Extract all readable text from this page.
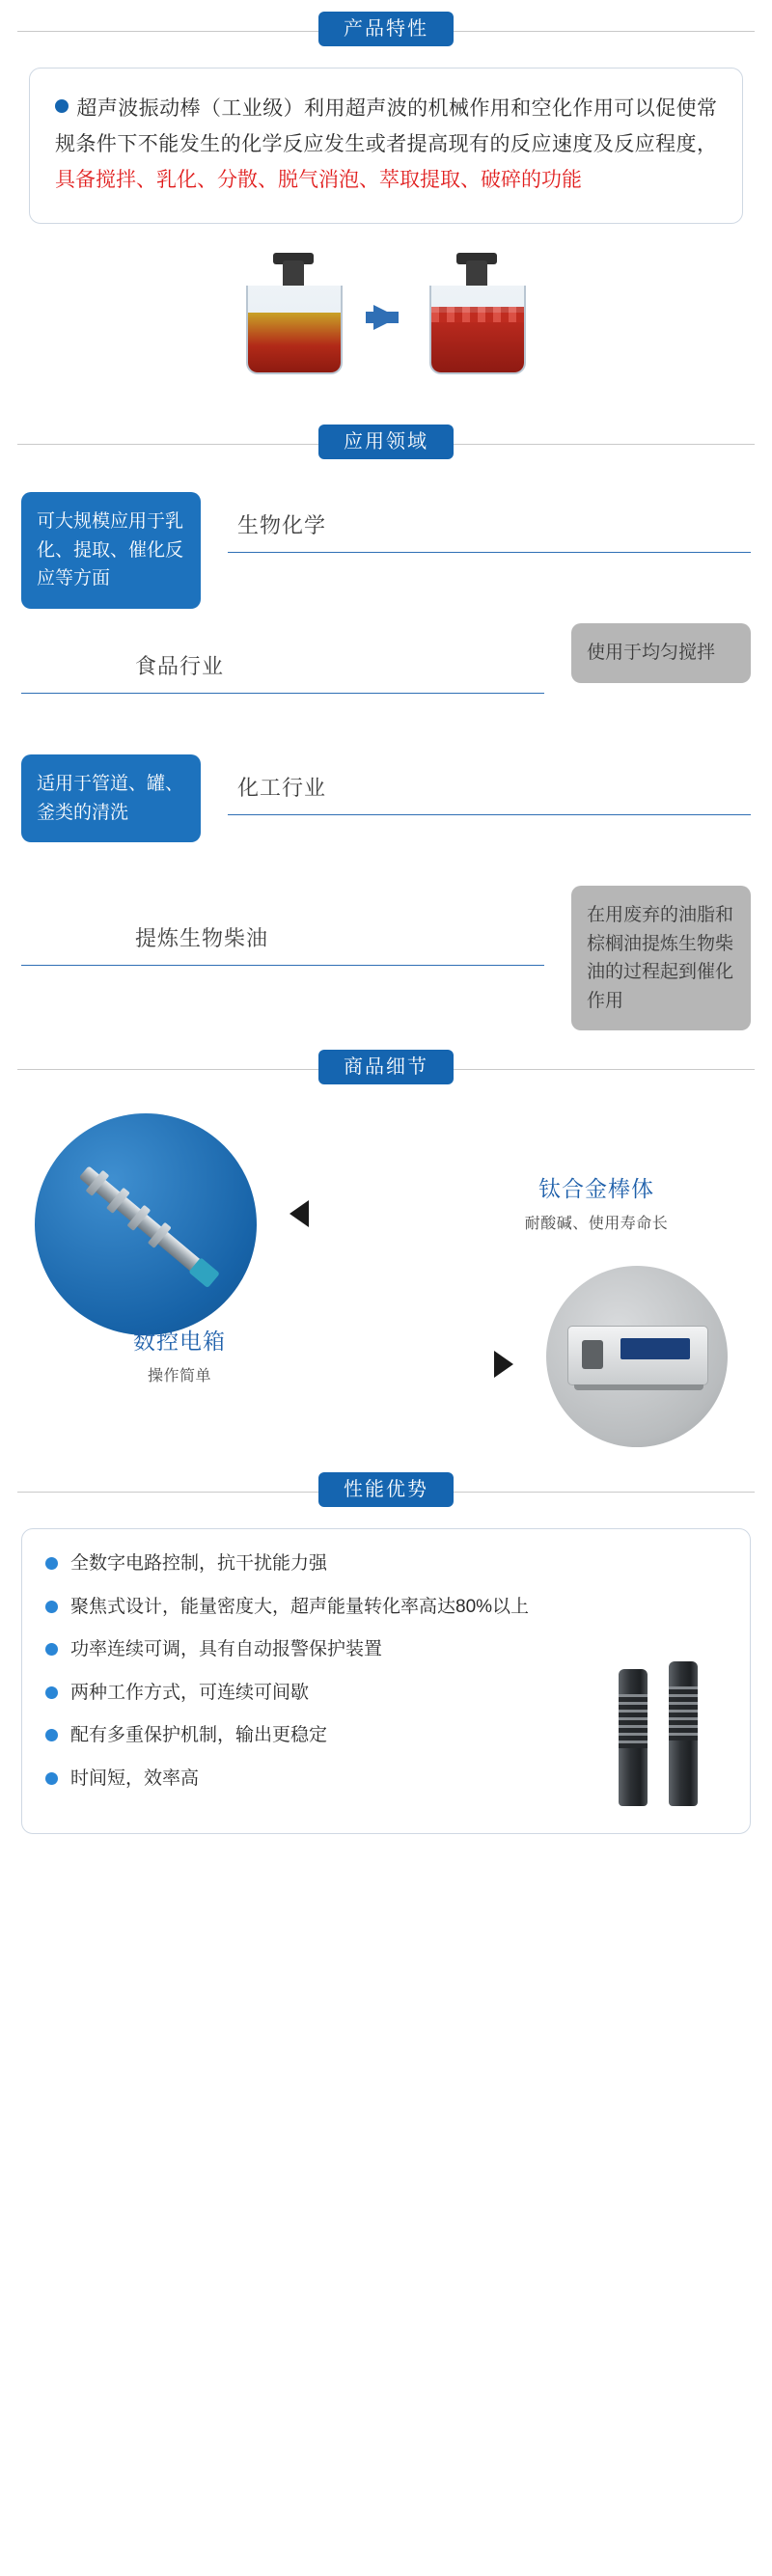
产品特性
超声波振动棒（工业级）利用超声波的机械作用和空化作用可以促使常规条件下不能发生的化学反应发生或者提高现有的反应速度及反应程度，具备搅拌、乳化、分散、脱气消泡、萃取提取、破碎的功能
应用领域
可大规模应用于乳化、提取、催化反应等方面
生物化学
使用于均匀搅拌
食品行业
适用于管道、罐、釜类的清洗
化工行业
在用废弃的油脂和棕榈油提炼生物柴油的过程起到催化作用
提炼生物柴油
商品细节
钛合金棒体
耐酸碱、使用寿命长
数控电箱
操作简单
性能优势
全数字电路控制，抗干扰能力强
聚焦式设计，能量密度大，超声能量转化率高达80%以上
功率连续可调，具有自动报警保护装置
两种工作方式，可连续可间歇
配有多重保护机制，输出更稳定
时间短，效率高
